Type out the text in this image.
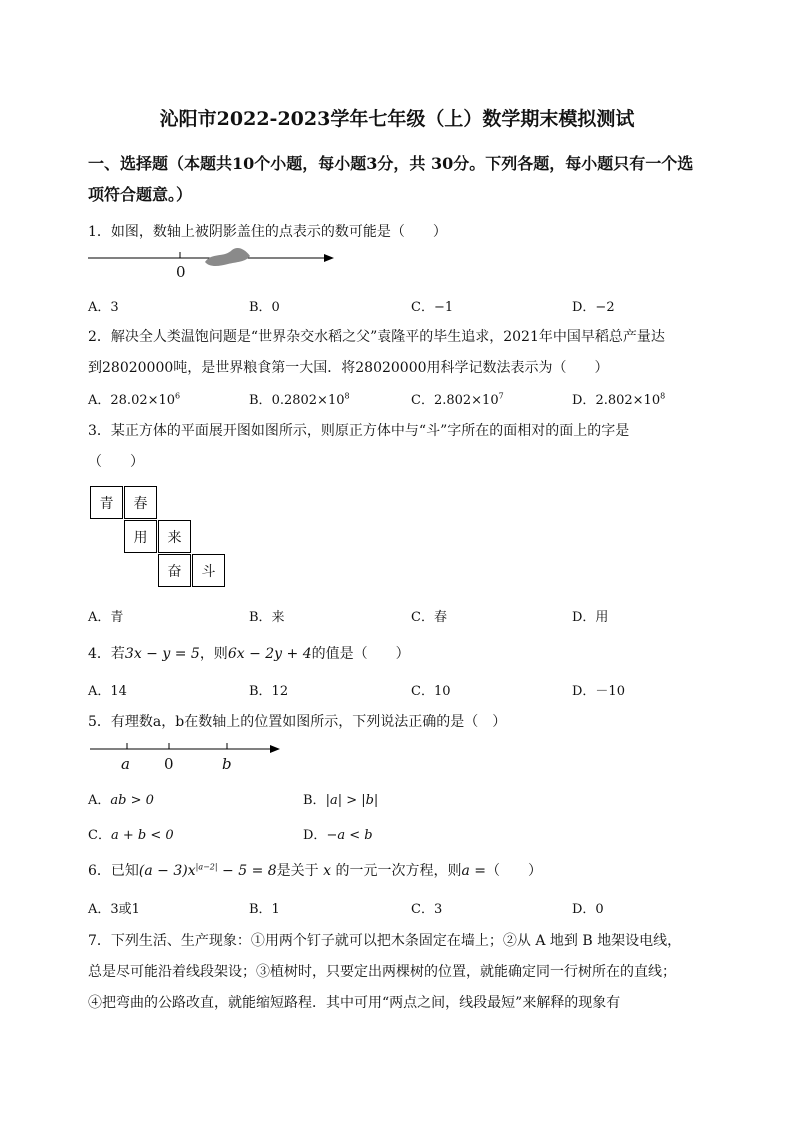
沁阳市2022-2023学年七年级（上）数学期末模拟测试
一、选择题（本题共10个小题，每小题3分，共 30分。下列各题，每小题只有一个选
项符合题意。）
1．如图，数轴上被阴影盖住的点表示的数可能是（　　）
0
A．3	B．0	C．−1	D．−2
2．解决全人类温饱问题是“世界杂交水稻之父”袁隆平的毕生追求，2021年中国早稻总产量达
到28020000吨，是世界粮食第一大国．将28020000用科学记数法表示为（　　）
A．$28.02\times 10^6$	B．$0.2802\times 10^8$	C．$2.802\times 10^7$	D．$2.802\times 10^8$
3．某正方体的平面展开图如图所示，则原正方体中与“斗”字所在的面相对的面上的字是
（　　）
青	春
用	来
奋	斗
A．青	B．来	C．春	D．用
4．若3x − y = 5，则6x − 2y + 4的值是（　　）
A．14	B．12	C．10	D．－10
5．有理数a，b在数轴上的位置如图所示，下列说法正确的是（　）
a 0	b
A．ab > 0	B．|a| > |b|
C．a + b < 0	D．−a < b
6．已知$(a - 3)x^{|a-2|} - 5 = 8$是关于 x 的一元一次方程，则a =（　　）
A．3或1	B．1	C．3	D．0
7．下列生活、生产现象：①用两个钉子就可以把木条固定在墙上；②从 A 地到 B 地架设电线，
总是尽可能沿着线段架设；③植树时，只要定出两棵树的位置，就能确定同一行树所在的直线；
④把弯曲的公路改直，就能缩短路程．其中可用“两点之间，线段最短”来解释的现象有
